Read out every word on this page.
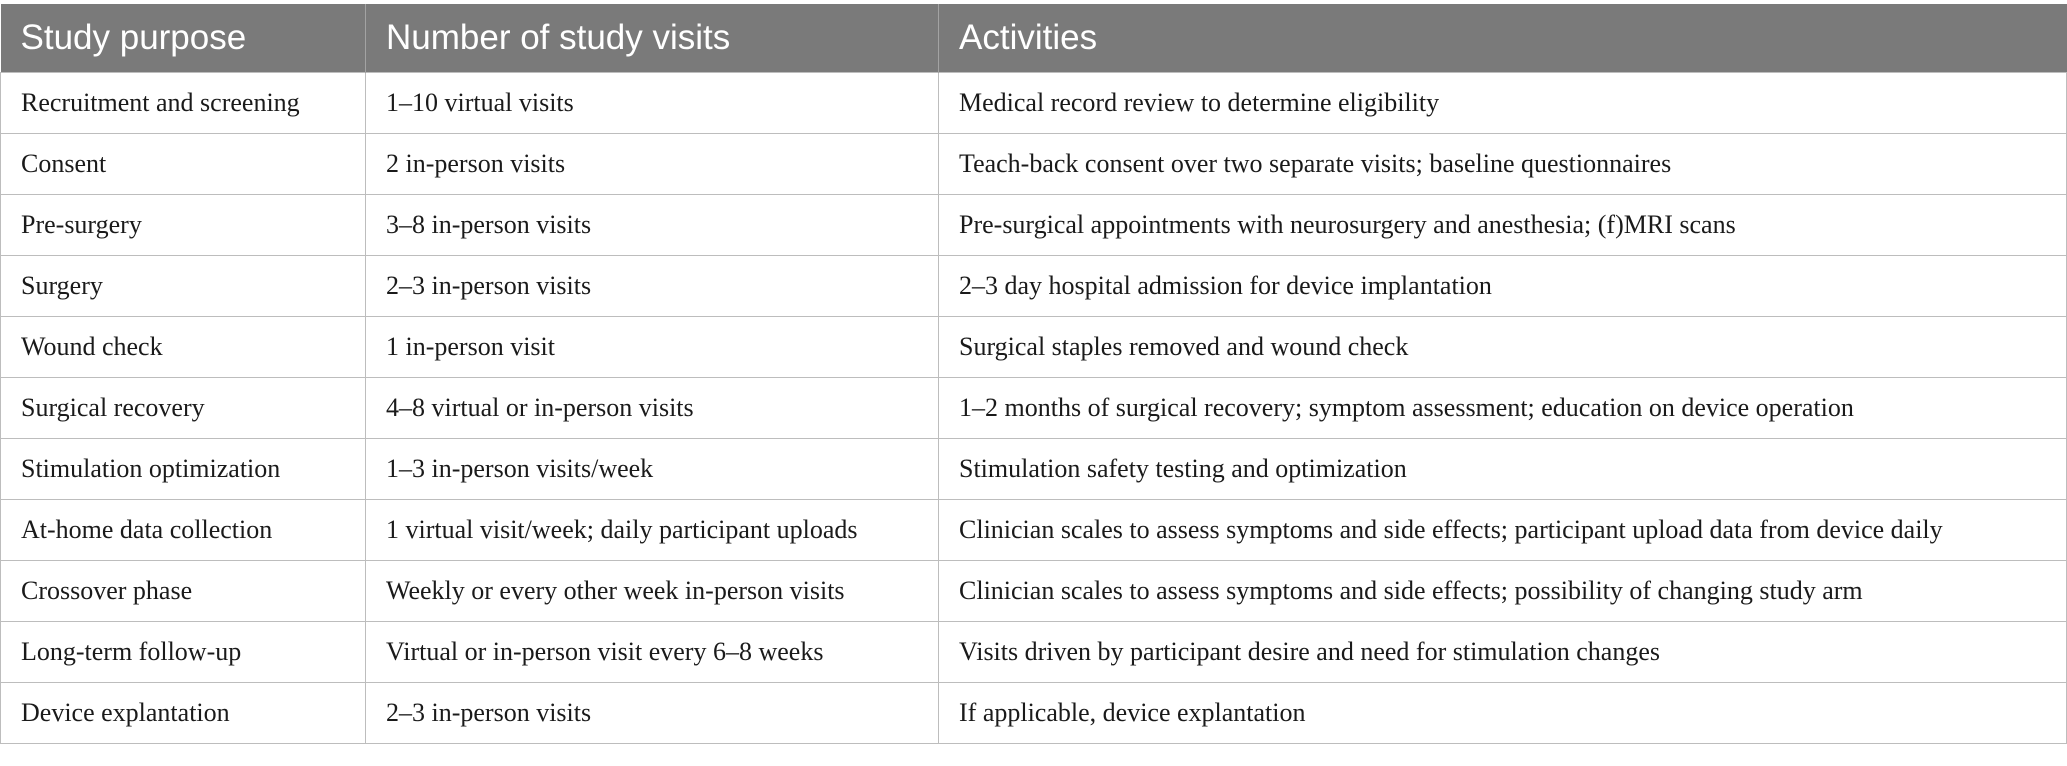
Study purpose	Number of study visits	Activities
Recruitment and screening	1–10 virtual visits	Medical record review to determine eligibility
Consent	2 in-person visits	Teach-back consent over two separate visits; baseline questionnaires
Pre-surgery	3–8 in-person visits	Pre-surgical appointments with neurosurgery and anesthesia; (f)MRI scans
Surgery	2–3 in-person visits	2–3 day hospital admission for device implantation
Wound check	1 in-person visit	Surgical staples removed and wound check
Surgical recovery	4–8 virtual or in-person visits	1–2 months of surgical recovery; symptom assessment; education on device operation
Stimulation optimization	1–3 in-person visits/week	Stimulation safety testing and optimization
At-home data collection	1 virtual visit/week; daily participant uploads	Clinician scales to assess symptoms and side effects; participant upload data from device daily
Crossover phase	Weekly or every other week in-person visits	Clinician scales to assess symptoms and side effects; possibility of changing study arm
Long-term follow-up	Virtual or in-person visit every 6–8 weeks	Visits driven by participant desire and need for stimulation changes
Device explantation	2–3 in-person visits	If applicable, device explantation
